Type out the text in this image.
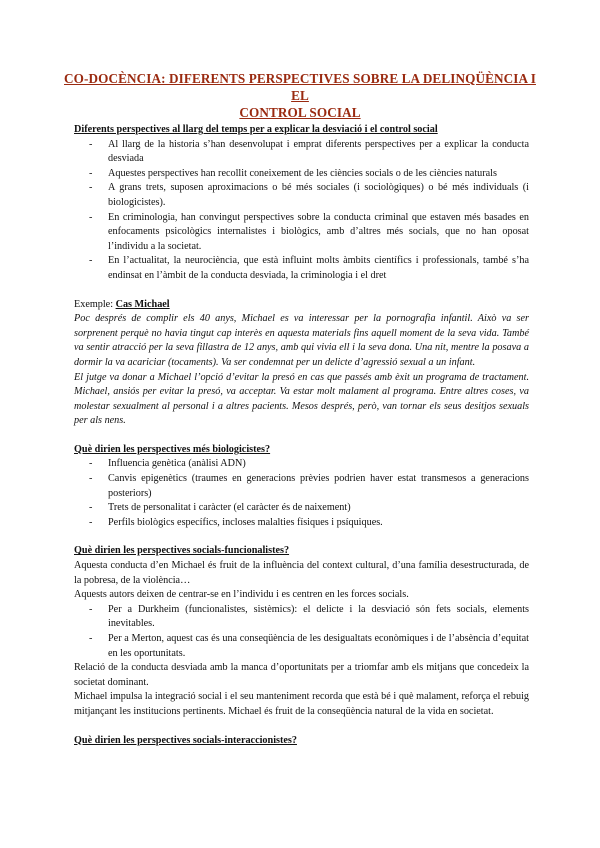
CO-DOCÈNCIA: DIFERENTS PERSPECTIVES SOBRE LA DELINQÜÈNCIA I EL
CONTROL SOCIAL
Diferents perspectives al llarg del temps per a explicar la desviació i el control social
- Al llarg de la historia s’han desenvolupat i emprat diferents perspectives per a explicar la conducta desviada
- Aquestes perspectives han recollit coneixement de les ciències socials o de les ciències naturals
- A grans trets, suposen aproximacions o bé més sociales (i sociològiques) o bé més individuals (i biologicistes).
- En criminologia, han convingut perspectives sobre la conducta criminal que estaven més basades en enfocaments psicològics internalistes i biològics, amb d’altres més socials, que no han oposat l’individu a la societat.
- En l’actualitat, la neurociència, que està influint molts àmbits científics i professionals, també s’ha endinsat en l’àmbit de la conducta desviada, la criminologia i el dret

Exemple: Cas Michael

Poc després de complir els 40 anys, Michael es va interessar per la pornografia infantil. Això va ser sorprenent perquè no havia tingut cap interès en aquesta materials fins aquell moment de la seva vida. També va sentir atracció per la seva fillastra de 12 anys, amb qui vivia ell i la seva dona. Una nit, mentre la posava a dormir la va acariciar (tocaments). Va ser condemnat per un delicte d’agressió sexual a un infant.

El jutge va donar a Michael l’opció d’evitar la presó en cas que passés amb èxit un programa de tractament. Michael, ansiós per evitar la presó, va acceptar. Va estar molt malament al programa. Entre altres coses, va molestar sexualment al personal i a altres pacients. Mesos després, però, van tornar els seus desitjos sexuals per als nens.

Què dirien les perspectives més biologicistes?
- Influencia genètica (anàlisi ADN)
- Canvis epigenètics (traumes en generacions prèvies podrien haver estat transmesos a generacions posteriors)
- Trets de personalitat i caràcter (el caràcter és de naixement)
- Perfils biològics específics, incloses malalties físiques i psíquiques.
Què dirien les perspectives socials-funcionalistes?

Aquesta conducta d’en Michael és fruit de la influència del context cultural, d’una família desestructurada, de la pobresa, de la violència…

Aquests autors deixen de centrar-se en l’individu i es centren en les forces socials.

- Per a Durkheim (funcionalistes, sistèmics): el delicte i la desviació són fets socials, elements inevitables.
- Per a Merton, aquest cas és una conseqüència de les desigualtats econòmiques i de l’absència d’equitat en les oportunitats.

Relació de la conducta desviada amb la manca d’oportunitats per a triomfar amb els mitjans que concedeix la societat dominant.

Michael impulsa la integració social i el seu manteniment recorda que està bé i què malament, reforça el rebuig mitjançant les institucions pertinents. Michael és fruit de la conseqüència natural de la vida en societat.

Què dirien les perspectives socials-interaccionistes?
